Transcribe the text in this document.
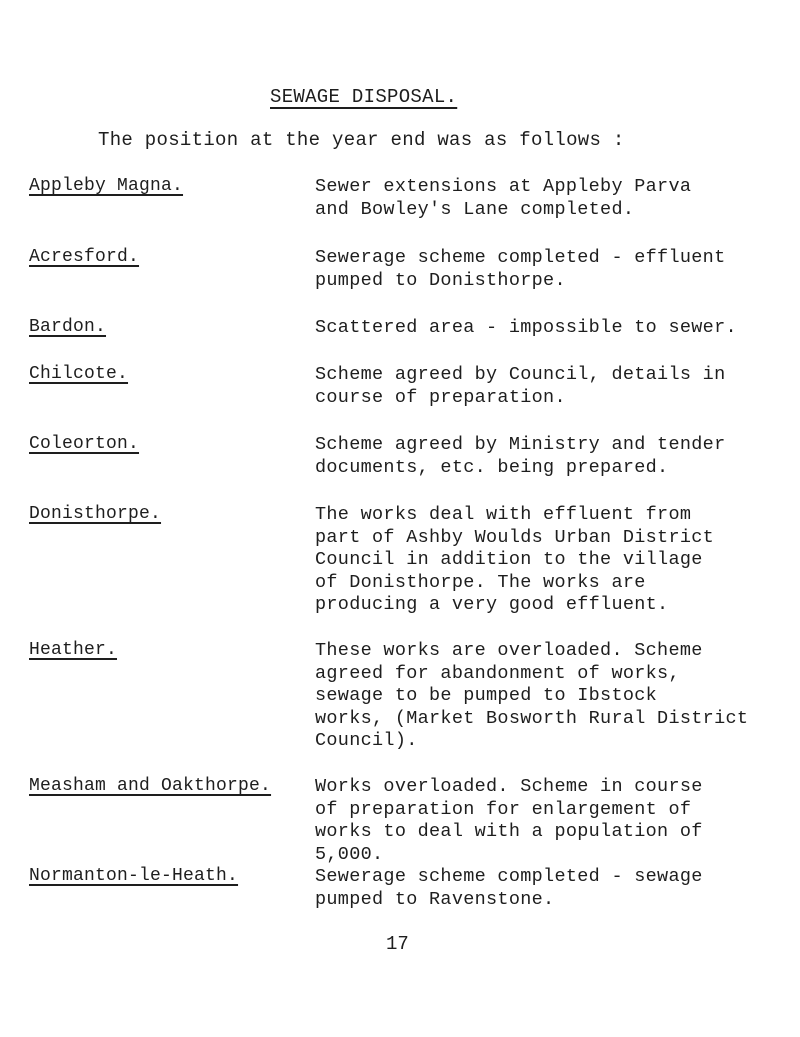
SEWAGE DISPOSAL.
The position at the year end was as follows :
Appleby Magna.	Sewer extensions at Appleby Parva
and Bowley's Lane completed.
Acresford.	Sewerage scheme completed - effluent
pumped to Donisthorpe.
Bardon.	Scattered area - impossible to sewer.
Chilcote.	Scheme agreed by Council, details in
course of preparation.
Coleorton.	Scheme agreed by Ministry and tender
documents, etc. being prepared.
Donisthorpe.	The works deal with effluent from
part of Ashby Woulds Urban District
Council in addition to the village
of Donisthorpe. The works are
producing a very good effluent.
Heather.	These works are overloaded. Scheme
agreed for abandonment of works,
sewage to be pumped to Ibstock
works, (Market Bosworth Rural District
Council).
Measham and Oakthorpe. Works overloaded. Scheme in course
of preparation for enlargement of
works to deal with a population of
5,000.
Normanton-le-Heath.	Sewerage scheme completed - sewage
pumped to Ravenstone.
17
